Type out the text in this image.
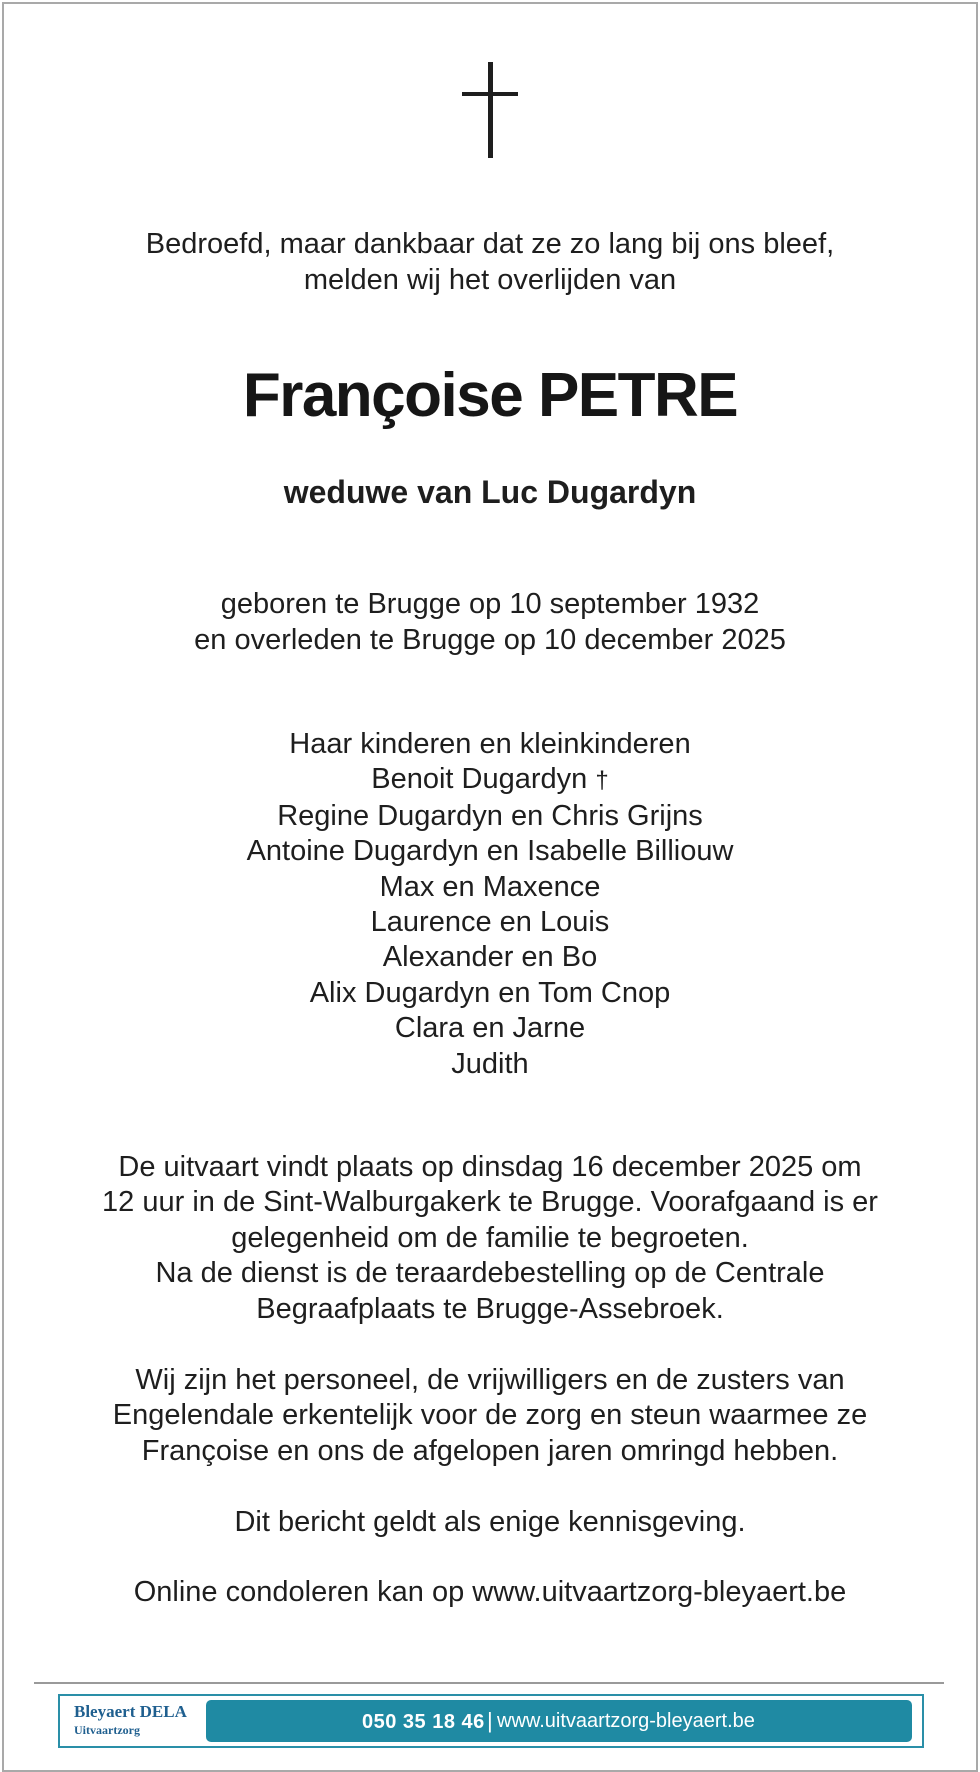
Bedroefd, maar dankbaar dat ze zo lang bij ons bleef,
melden wij het overlijden van
Françoise PETRE
weduwe van Luc Dugardyn
geboren te Brugge op 10 september 1932
en overleden te Brugge op 10 december 2025
Haar kinderen en kleinkinderen
Benoit Dugardyn †
Regine Dugardyn en Chris Grijns
Antoine Dugardyn en Isabelle Billiouw
Max en Maxence
Laurence en Louis
Alexander en Bo
Alix Dugardyn en Tom Cnop
Clara en Jarne
Judith
De uitvaart vindt plaats op dinsdag 16 december 2025 om
12 uur in de Sint-Walburgakerk te Brugge. Voorafgaand is er
gelegenheid om de familie te begroeten.
Na de dienst is de teraardebestelling op de Centrale
Begraafplaats te Brugge-Assebroek.
Wij zijn het personeel, de vrijwilligers en de zusters van
Engelendale erkentelijk voor de zorg en steun waarmee ze
Françoise en ons de afgelopen jaren omringd hebben.
Dit bericht geldt als enige kennisgeving.
Online condoleren kan op www.uitvaartzorg-bleyaert.be
Bleyaert DELA
Uitvaartzorg	050 35 18 46 | www.uitvaartzorg-bleyaert.be
